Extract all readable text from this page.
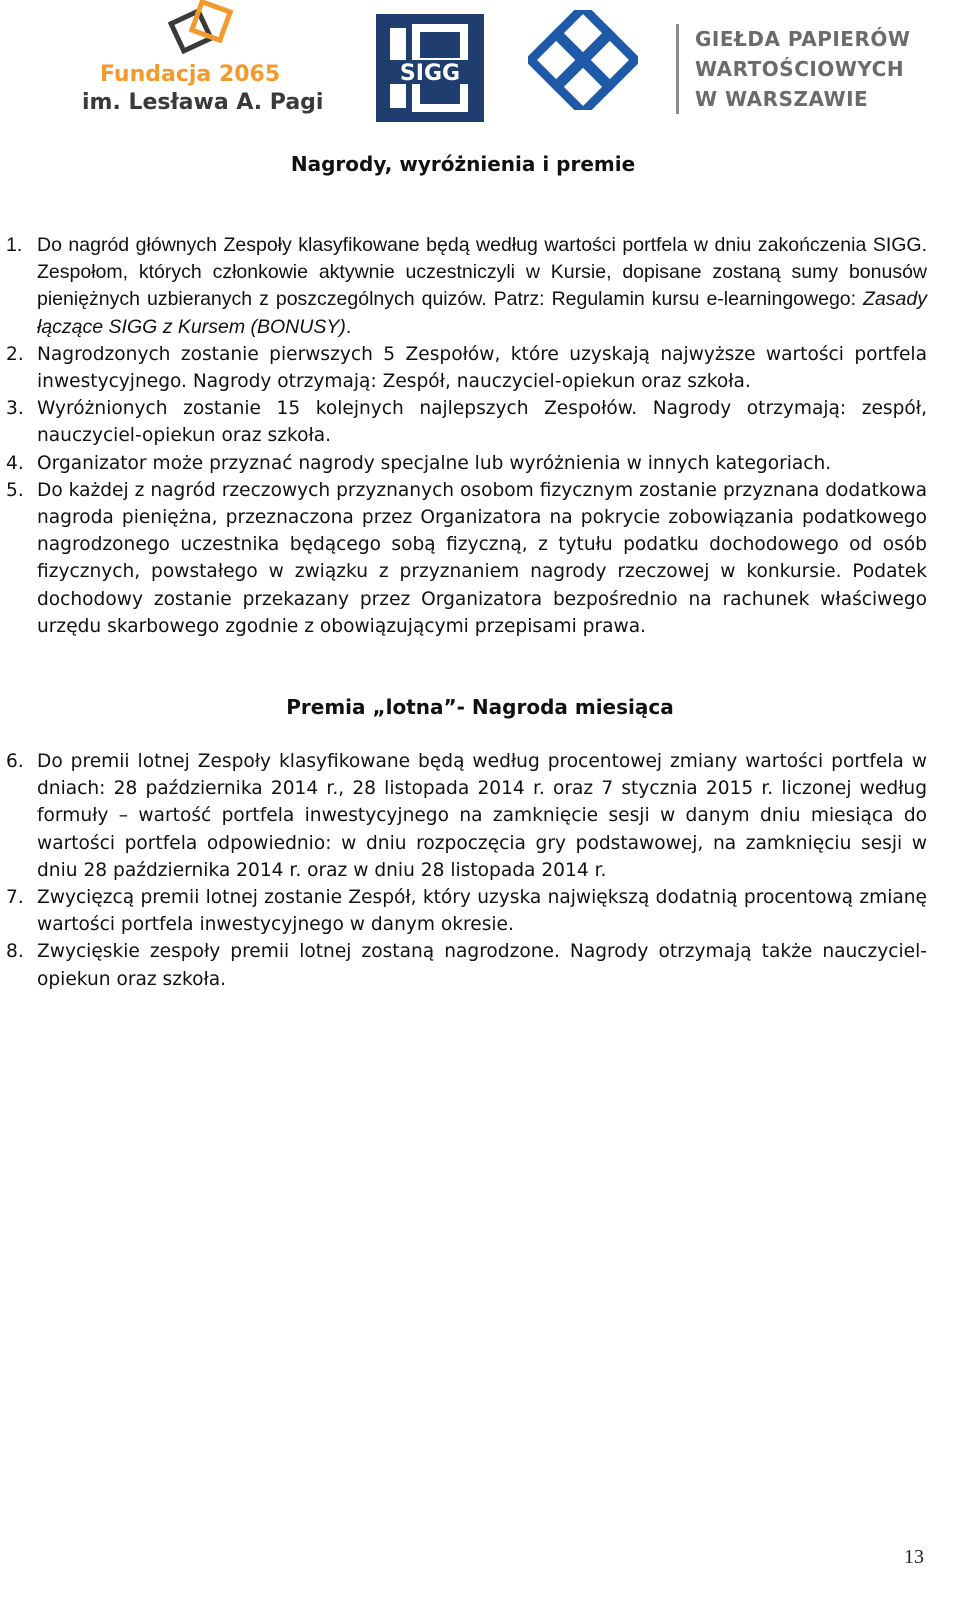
Fundacja 2065
im. Lesława A. Pagi
SIGG
GIEŁDA PAPIERÓW
WARTOŚCIOWYCH
W WARSZAWIE
Nagrody, wyróżnienia i premie
1. Do nagród głównych Zespoły klasyfikowane będą według wartości portfela w dniu zakończenia SIGG. Zespołom, których członkowie aktywnie uczestniczyli w Kursie, dopisane zostaną sumy bonusów pieniężnych uzbieranych z poszczególnych quizów. Patrz: Regulamin kursu e-learningowego: Zasady łączące SIGG z Kursem (BONUSY).
2. Nagrodzonych zostanie pierwszych 5 Zespołów, które uzyskają najwyższe wartości portfela inwestycyjnego. Nagrody otrzymają: Zespół, nauczyciel-opiekun oraz szkoła.
3. Wyróżnionych zostanie 15 kolejnych najlepszych Zespołów. Nagrody otrzymają: zespół, nauczyciel-opiekun oraz szkoła.
4. Organizator może przyznać nagrody specjalne lub wyróżnienia w innych kategoriach.
5. Do każdej z nagród rzeczowych przyznanych osobom fizycznym zostanie przyznana dodatkowa nagroda pieniężna, przeznaczona przez Organizatora na pokrycie zobowiązania podatkowego nagrodzonego uczestnika będącego sobą fizyczną, z tytułu podatku dochodowego od osób fizycznych, powstałego w związku z przyznaniem nagrody rzeczowej w konkursie. Podatek dochodowy zostanie przekazany przez Organizatora bezpośrednio na rachunek właściwego urzędu skarbowego zgodnie z obowiązującymi przepisami prawa.
Premia „lotna”- Nagroda miesiąca
6. Do premii lotnej Zespoły klasyfikowane będą według procentowej zmiany wartości portfela w dniach: 28 października 2014 r., 28 listopada 2014 r. oraz 7 stycznia 2015 r. liczonej według formuły – wartość portfela inwestycyjnego na zamknięcie sesji w danym dniu miesiąca do wartości portfela odpowiednio: w dniu rozpoczęcia gry podstawowej, na zamknięciu sesji w dniu 28 października 2014 r. oraz w dniu 28 listopada 2014 r.
7. Zwycięzcą premii lotnej zostanie Zespół, który uzyska największą dodatnią procentową zmianę wartości portfela inwestycyjnego w danym okresie.
8. Zwycięskie zespoły premii lotnej zostaną nagrodzone. Nagrody otrzymają także nauczyciel-opiekun oraz szkoła.
13
